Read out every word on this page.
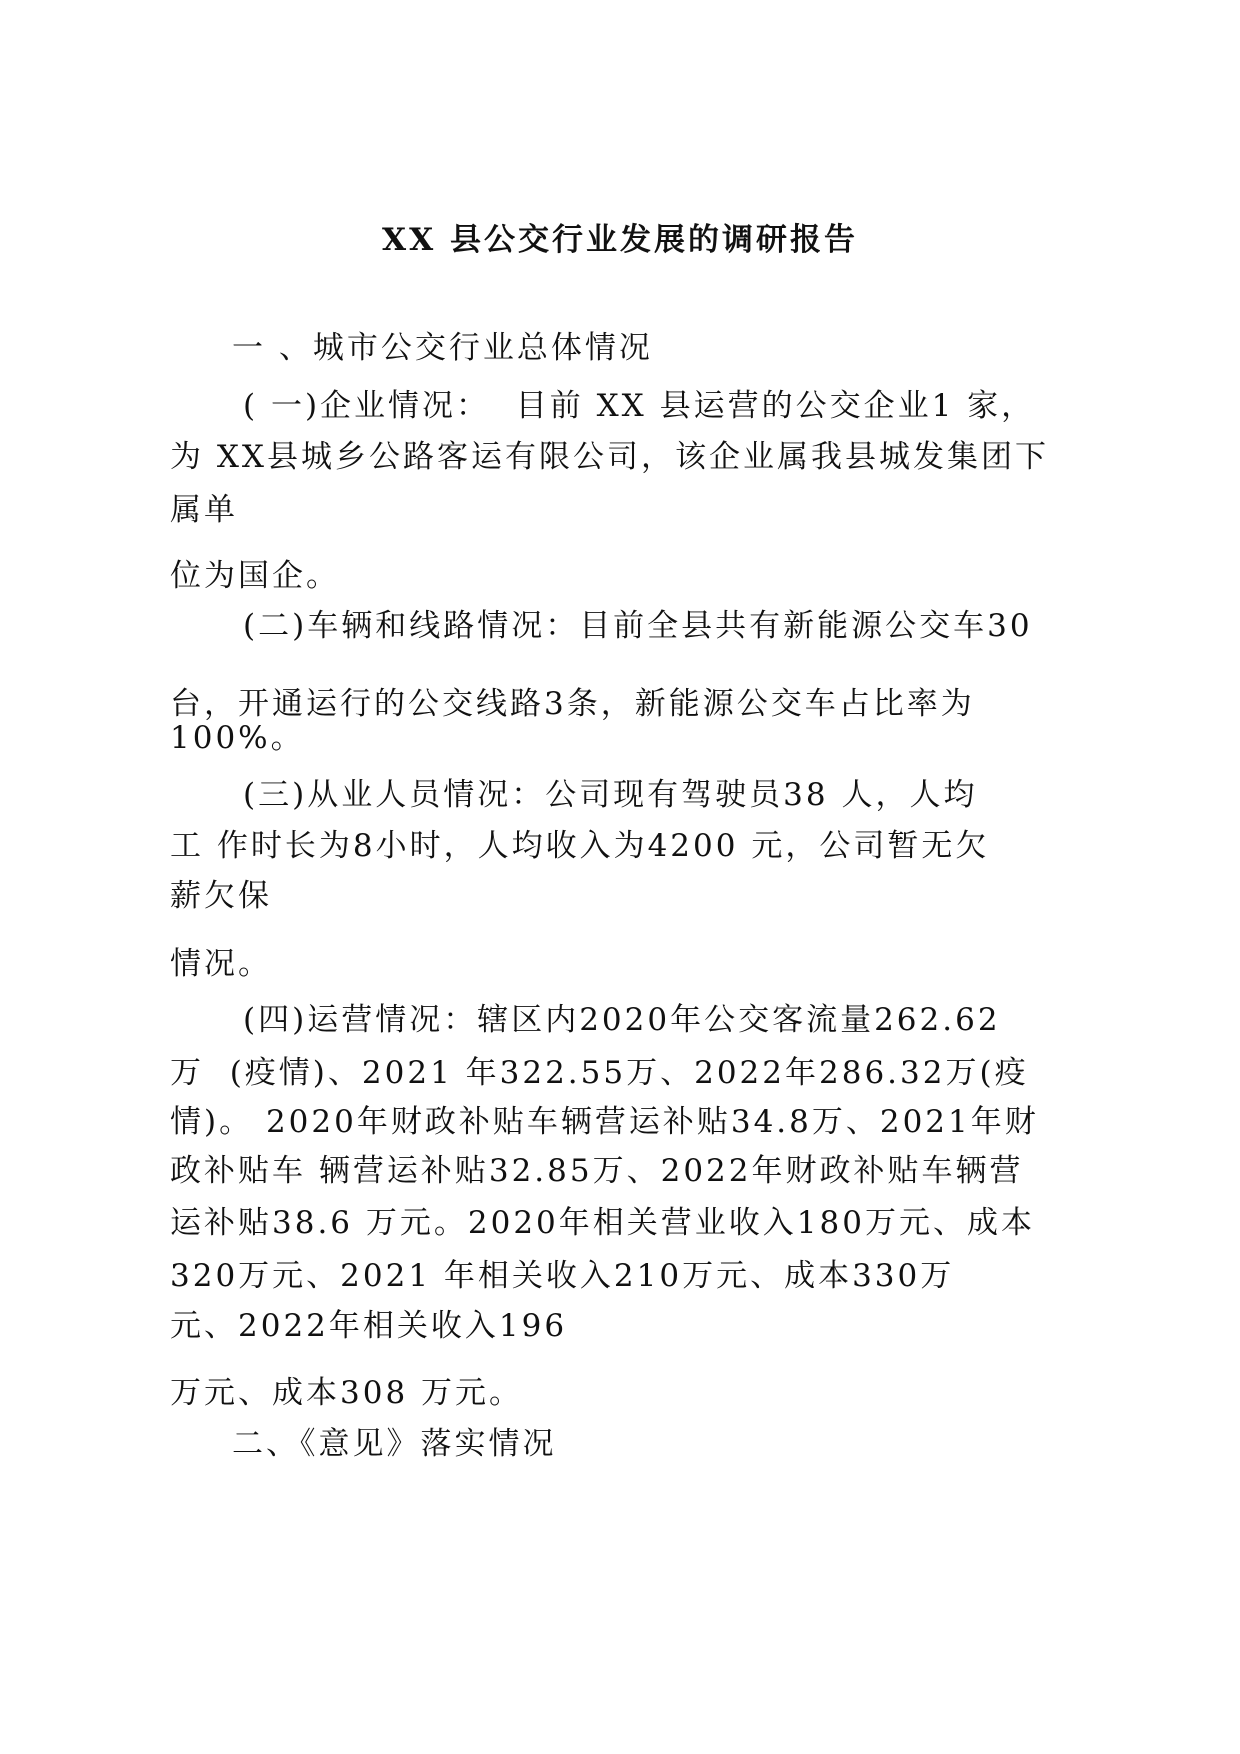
XX 县公交行业发展的调研报告
一 、城市公交行业总体情况
( 一)企业情况：  目前 XX 县运营的公交企业1 家，
为 XX县城乡公路客运有限公司，该企业属我县城发集团下
属单
位为国企。
(二)车辆和线路情况：目前全县共有新能源公交车30
台，开通运行的公交线路3条，新能源公交车占比率为
100%。
(三)从业人员情况：公司现有驾驶员38 人，人均
工 作时长为8小时，人均收入为4200 元，公司暂无欠
薪欠保
情况。
(四)运营情况：辖区内2020年公交客流量262.62
万  (疫情)、2021 年322.55万、2022年286.32万(疫
情)。 2020年财政补贴车辆营运补贴34.8万、2021年财
政补贴车 辆营运补贴32.85万、2022年财政补贴车辆营
运补贴38.6 万元。2020年相关营业收入180万元、成本
320万元、2021 年相关收入210万元、成本330万
元、2022年相关收入196
万元、成本308 万元。
二、《意见》落实情况
